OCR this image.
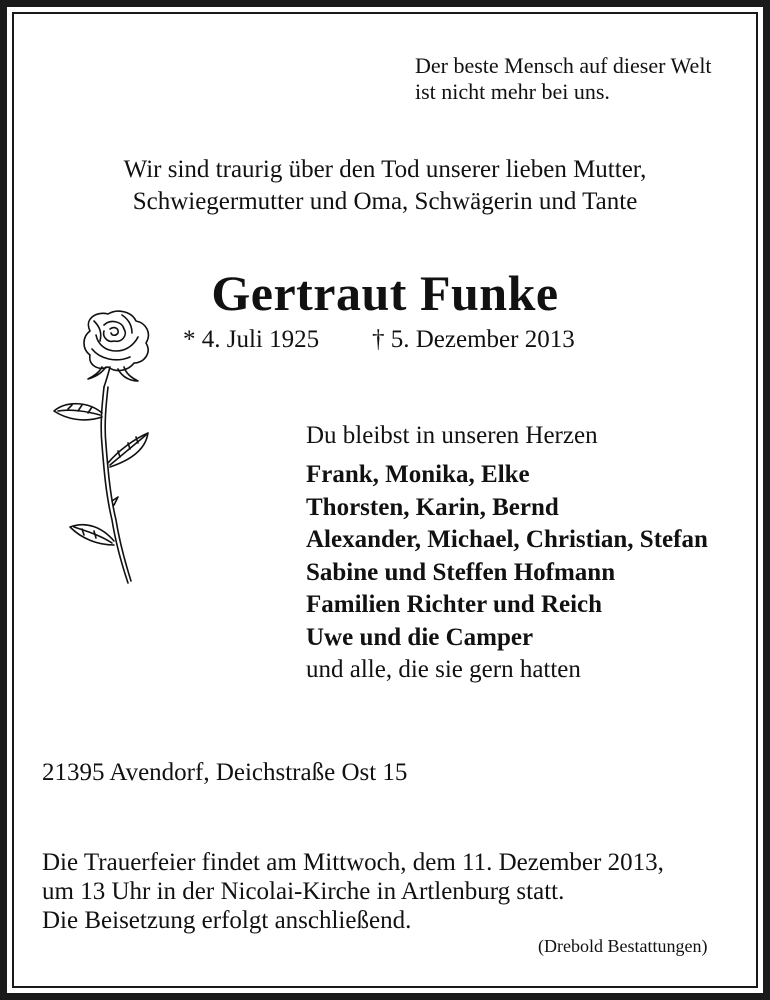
Der beste Mensch auf dieser Welt
ist nicht mehr bei uns.
Wir sind traurig über den Tod unserer lieben Mutter,
Schwiegermutter und Oma, Schwägerin und Tante
Gertraut Funke
* 4. Juli 1925 † 5. Dezember 2013
Du bleibst in unseren Herzen
Frank, Monika, Elke
Thorsten, Karin, Bernd
Alexander, Michael, Christian, Stefan
Sabine und Steffen Hofmann
Familien Richter und Reich
Uwe und die Camper
und alle, die sie gern hatten
21395 Avendorf, Deichstraße Ost 15
Die Trauerfeier findet am Mittwoch, dem 11. Dezember 2013,
um 13 Uhr in der Nicolai-Kirche in Artlenburg statt.
Die Beisetzung erfolgt anschließend.
(Drebold Bestattungen)
